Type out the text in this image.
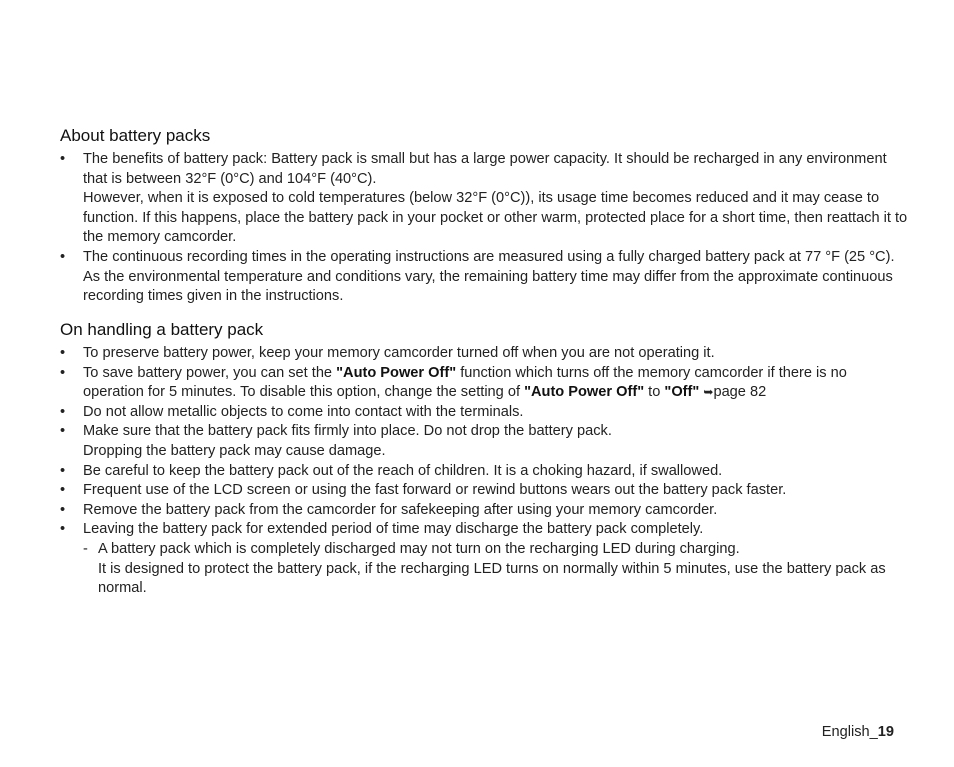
About battery packs
•	The benefits of battery pack: Battery pack is small but has a large power capacity. It should be recharged in any environment that is between 32°F (0°C) and 104°F (40°C).
However, when it is exposed to cold temperatures (below 32°F (0°C)), its usage time becomes reduced and it may cease to function. If this happens, place the battery pack in your pocket or other warm, protected place for a short time, then reattach it to the memory camcorder.
•	The continuous recording times in the operating instructions are measured using a fully charged battery pack at 77 °F (25 °C). As the environmental temperature and conditions vary, the remaining battery time may differ from the approximate continuous recording times given in the instructions.
On handling a battery pack
•	To preserve battery power, keep your memory camcorder turned off when you are not operating it.
•	To save battery power, you can set the "Auto Power Off" function which turns off the memory camcorder if there is no operation for 5 minutes. To disable this option, change the setting of "Auto Power Off" to "Off" ➥page 82
•	Do not allow metallic objects to come into contact with the terminals.
•	Make sure that the battery pack fits firmly into place. Do not drop the battery pack.
Dropping the battery pack may cause damage.
•	Be careful to keep the battery pack out of the reach of children. It is a choking hazard, if swallowed.
•	Frequent use of the LCD screen or using the fast forward or rewind buttons wears out the battery pack faster.
•	Remove the battery pack from the camcorder for safekeeping after using your memory camcorder.
•	Leaving the battery pack for extended period of time may discharge the battery pack completely.
- A battery pack which is completely discharged may not turn on the recharging LED during charging.
It is designed to protect the battery pack, if the recharging LED turns on normally within 5 minutes, use the battery pack as normal.
English_19
